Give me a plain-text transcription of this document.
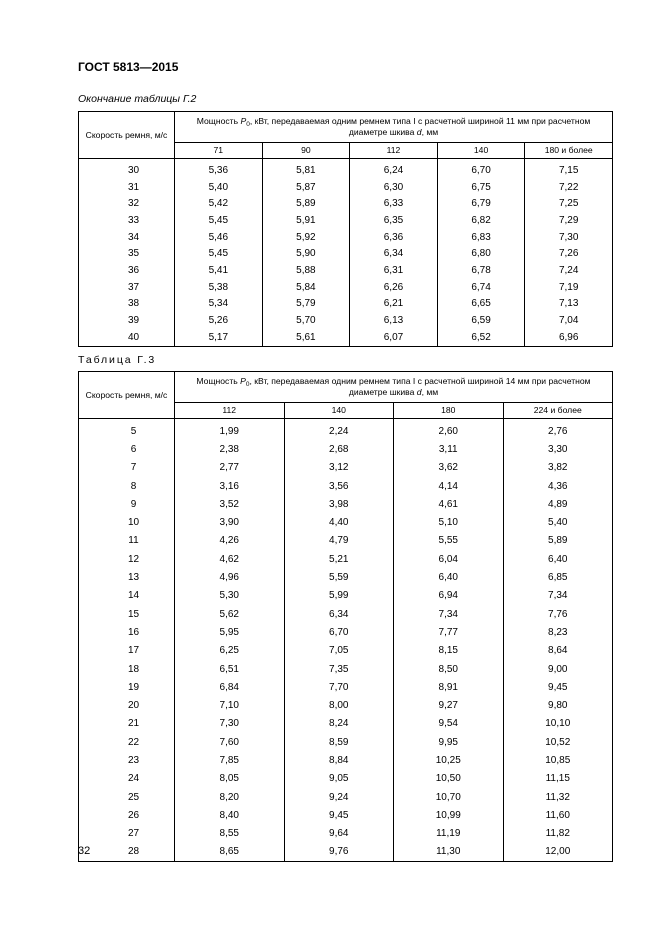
ГОСТ 5813—2015
Окончание таблицы Г.2
Скорость ремня, м/с	Мощность $P_0$, кВт, передаваемая одним ремнем типа I с расчетной шириной 11 мм при расчетном диаметре шкива d, мм				
	71	90	112	140	180 и более
30	5,36	5,81	6,24	6,70	7,15
31	5,40	5,87	6,30	6,75	7,22
32	5,42	5,89	6,33	6,79	7,25
33	5,45	5,91	6,35	6,82	7,29
34	5,46	5,92	6,36	6,83	7,30
35	5,45	5,90	6,34	6,80	7,26
36	5,41	5,88	6,31	6,78	7,24
37	5,38	5,84	6,26	6,74	7,19
38	5,34	5,79	6,21	6,65	7,13
39	5,26	5,70	6,13	6,59	7,04
40	5,17	5,61	6,07	6,52	6,96
Таблица Г.3
Скорость ремня, м/с	Мощность $P_0$, кВт, передаваемая одним ремнем типа I с расчетной шириной 14 мм при расчетном диаметре шкива d, мм			
	112	140	180	224 и более
5	1,99	2,24	2,60	2,76
6	2,38	2,68	3,11	3,30
7	2,77	3,12	3,62	3,82
8	3,16	3,56	4,14	4,36
9	3,52	3,98	4,61	4,89
10	3,90	4,40	5,10	5,40
11	4,26	4,79	5,55	5,89
12	4,62	5,21	6,04	6,40
13	4,96	5,59	6,40	6,85
14	5,30	5,99	6,94	7,34
15	5,62	6,34	7,34	7,76
16	5,95	6,70	7,77	8,23
17	6,25	7,05	8,15	8,64
18	6,51	7,35	8,50	9,00
19	6,84	7,70	8,91	9,45
20	7,10	8,00	9,27	9,80
21	7,30	8,24	9,54	10,10
22	7,60	8,59	9,95	10,52
23	7,85	8,84	10,25	10,85
24	8,05	9,05	10,50	11,15
25	8,20	9,24	10,70	11,32
26	8,40	9,45	10,99	11,60
27	8,55	9,64	11,19	11,82
28	8,65	9,76	11,30	12,00
32
